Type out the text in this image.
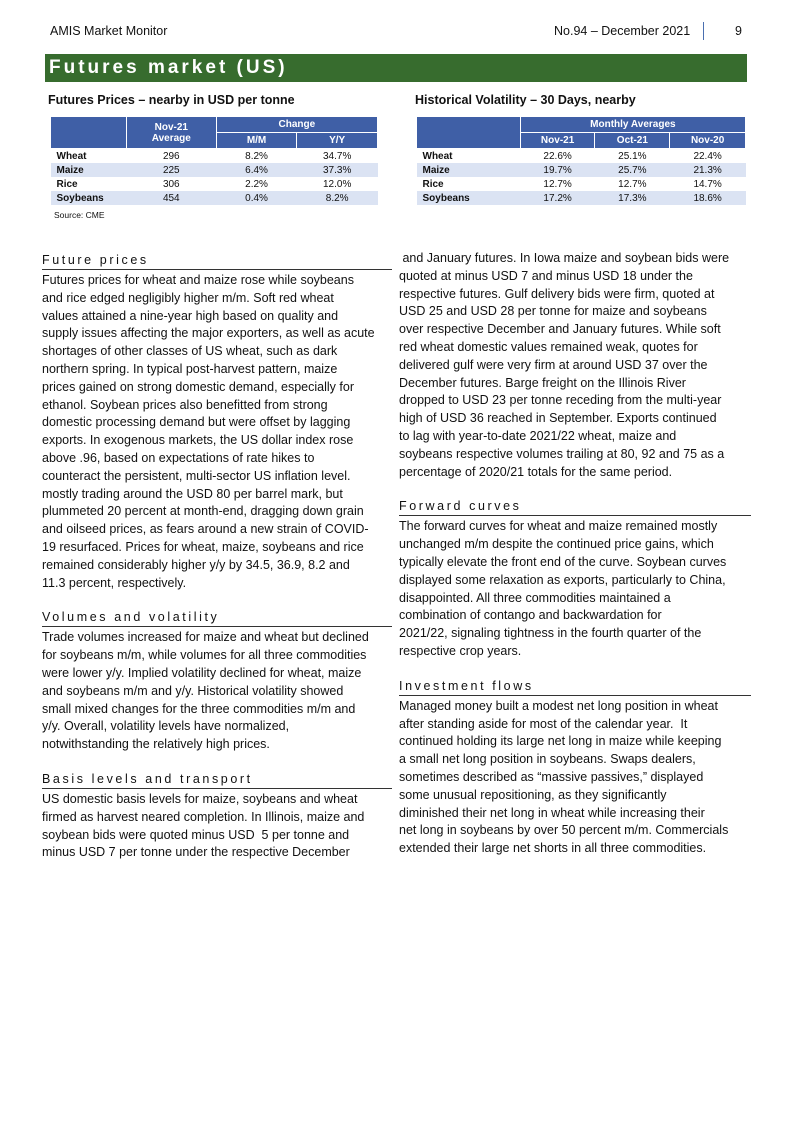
AMIS Market Monitor	No.94 – December 2021	9
Futures market (US)
Futures Prices – nearby in USD per tonne
	Nov-21 Average	Change	
		M/M	Y/Y
Wheat	296	8.2%	34.7%
Maize	225	6.4%	37.3%
Rice	306	2.2%	12.0%
Soybeans	454	0.4%	8.2%
Source: CME
Historical Volatility – 30 Days, nearby
	Monthly Averages		
	Nov-21	Oct-21	Nov-20
Wheat	22.6%	25.1%	22.4%
Maize	19.7%	25.7%	21.3%
Rice	12.7%	12.7%	14.7%
Soybeans	17.2%	17.3%	18.6%
Future prices
Futures prices for wheat and maize rose while soybeans
and rice edged negligibly higher m/m. Soft red wheat
values attained a nine-year high based on quality and
supply issues affecting the major exporters, as well as acute
shortages of other classes of US wheat, such as dark
northern spring. In typical post-harvest pattern, maize
prices gained on strong domestic demand, especially for
ethanol. Soybean prices also benefitted from strong
domestic processing demand but were offset by lagging
exports. In exogenous markets, the US dollar index rose
above .96, based on expectations of rate hikes to
counteract the persistent, multi-sector US inflation level.
mostly trading around the USD 80 per barrel mark, but
plummeted 20 percent at month-end, dragging down grain
and oilseed prices, as fears around a new strain of COVID-
19 resurfaced. Prices for wheat, maize, soybeans and rice
remained considerably higher y/y by 34.5, 36.9, 8.2 and
11.3 percent, respectively.
Volumes and volatility
Trade volumes increased for maize and wheat but declined
for soybeans m/m, while volumes for all three commodities
were lower y/y. Implied volatility declined for wheat, maize
and soybeans m/m and y/y. Historical volatility showed
small mixed changes for the three commodities m/m and
y/y. Overall, volatility levels have normalized,
notwithstanding the relatively high prices.
Basis levels and transport
US domestic basis levels for maize, soybeans and wheat
firmed as harvest neared completion. In Illinois, maize and
soybean bids were quoted minus USD  5 per tonne and
minus USD 7 per tonne under the respective December
and January futures. In Iowa maize and soybean bids were
quoted at minus USD 7 and minus USD 18 under the
respective futures. Gulf delivery bids were firm, quoted at
USD 25 and USD 28 per tonne for maize and soybeans
over respective December and January futures. While soft
red wheat domestic values remained weak, quotes for
delivered gulf were very firm at around USD 37 over the
December futures. Barge freight on the Illinois River
dropped to USD 23 per tonne receding from the multi-year
high of USD 36 reached in September. Exports continued
to lag with year-to-date 2021/22 wheat, maize and
soybeans respective volumes trailing at 80, 92 and 75 as a
percentage of 2020/21 totals for the same period.
Forward curves
The forward curves for wheat and maize remained mostly
unchanged m/m despite the continued price gains, which
typically elevate the front end of the curve. Soybean curves
displayed some relaxation as exports, particularly to China,
disappointed. All three commodities maintained a
combination of contango and backwardation for
2021/22, signaling tightness in the fourth quarter of the
respective crop years.
Investment flows
Managed money built a modest net long position in wheat
after standing aside for most of the calendar year.  It
continued holding its large net long in maize while keeping
a small net long position in soybeans. Swaps dealers,
sometimes described as “massive passives,” displayed
some unusual repositioning, as they significantly
diminished their net long in wheat while increasing their
net long in soybeans by over 50 percent m/m. Commercials
extended their large net shorts in all three commodities.
